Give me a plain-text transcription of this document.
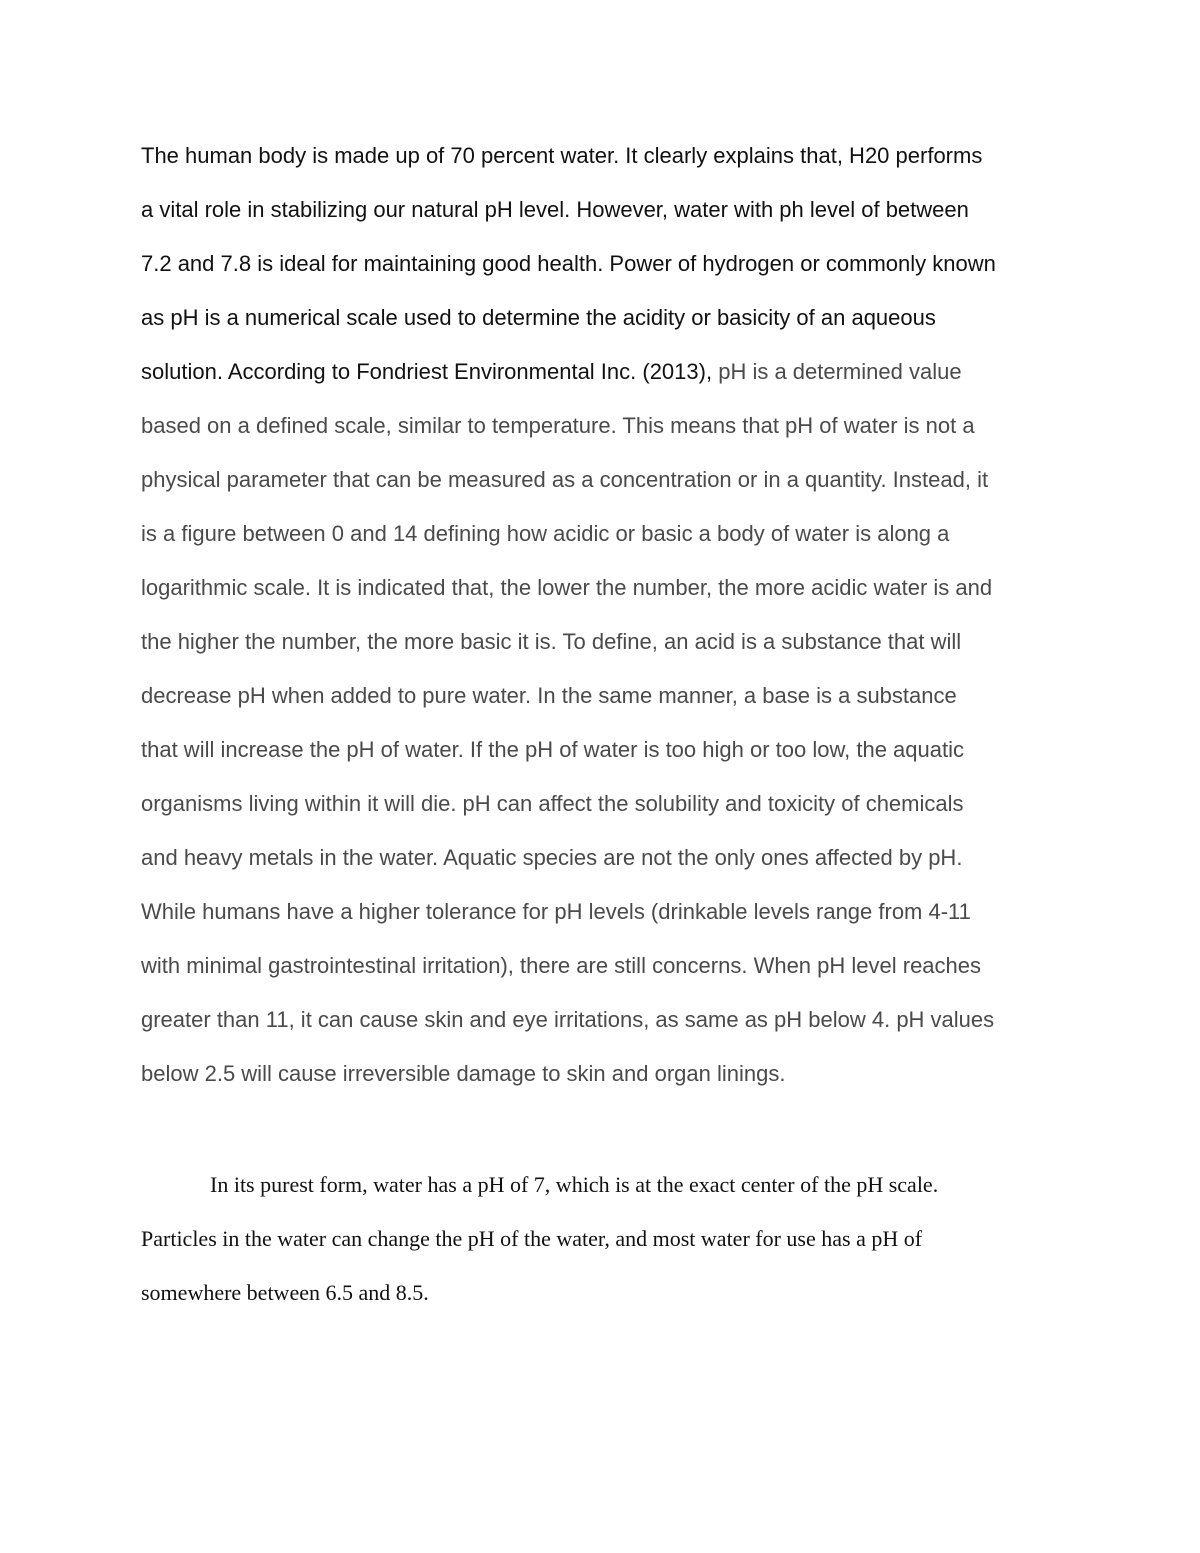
The human body is made up of 70 percent water. It clearly explains that, H20 performs
a vital role in stabilizing our natural pH level. However, water with ph level of between
7.2 and 7.8 is ideal for maintaining good health. Power of hydrogen or commonly known
as pH is a numerical scale used to determine the acidity or basicity of an aqueous
solution. According to Fondriest Environmental Inc. (2013), pH is a determined value
based on a defined scale, similar to temperature. This means that pH of water is not a
physical parameter that can be measured as a concentration or in a quantity. Instead, it
is a figure between 0 and 14 defining how acidic or basic a body of water is along a
logarithmic scale. It is indicated that, the lower the number, the more acidic water is and
the higher the number, the more basic it is. To define, an acid is a substance that will
decrease pH when added to pure water. In the same manner, a base is a substance
that will increase the pH of water. If the pH of water is too high or too low, the aquatic
organisms living within it will die. pH can affect the solubility and toxicity of chemicals
and heavy metals in the water. Aquatic species are not the only ones affected by pH.
While humans have a higher tolerance for pH levels (drinkable levels range from 4-11
with minimal gastrointestinal irritation), there are still concerns. When pH level reaches
greater than 11, it can cause skin and eye irritations, as same as pH below 4. pH values
below 2.5 will cause irreversible damage to skin and organ linings.
In its purest form, water has a pH of 7, which is at the exact center of the pH scale.
Particles in the water can change the pH of the water, and most water for use has a pH of
somewhere between 6.5 and 8.5.
